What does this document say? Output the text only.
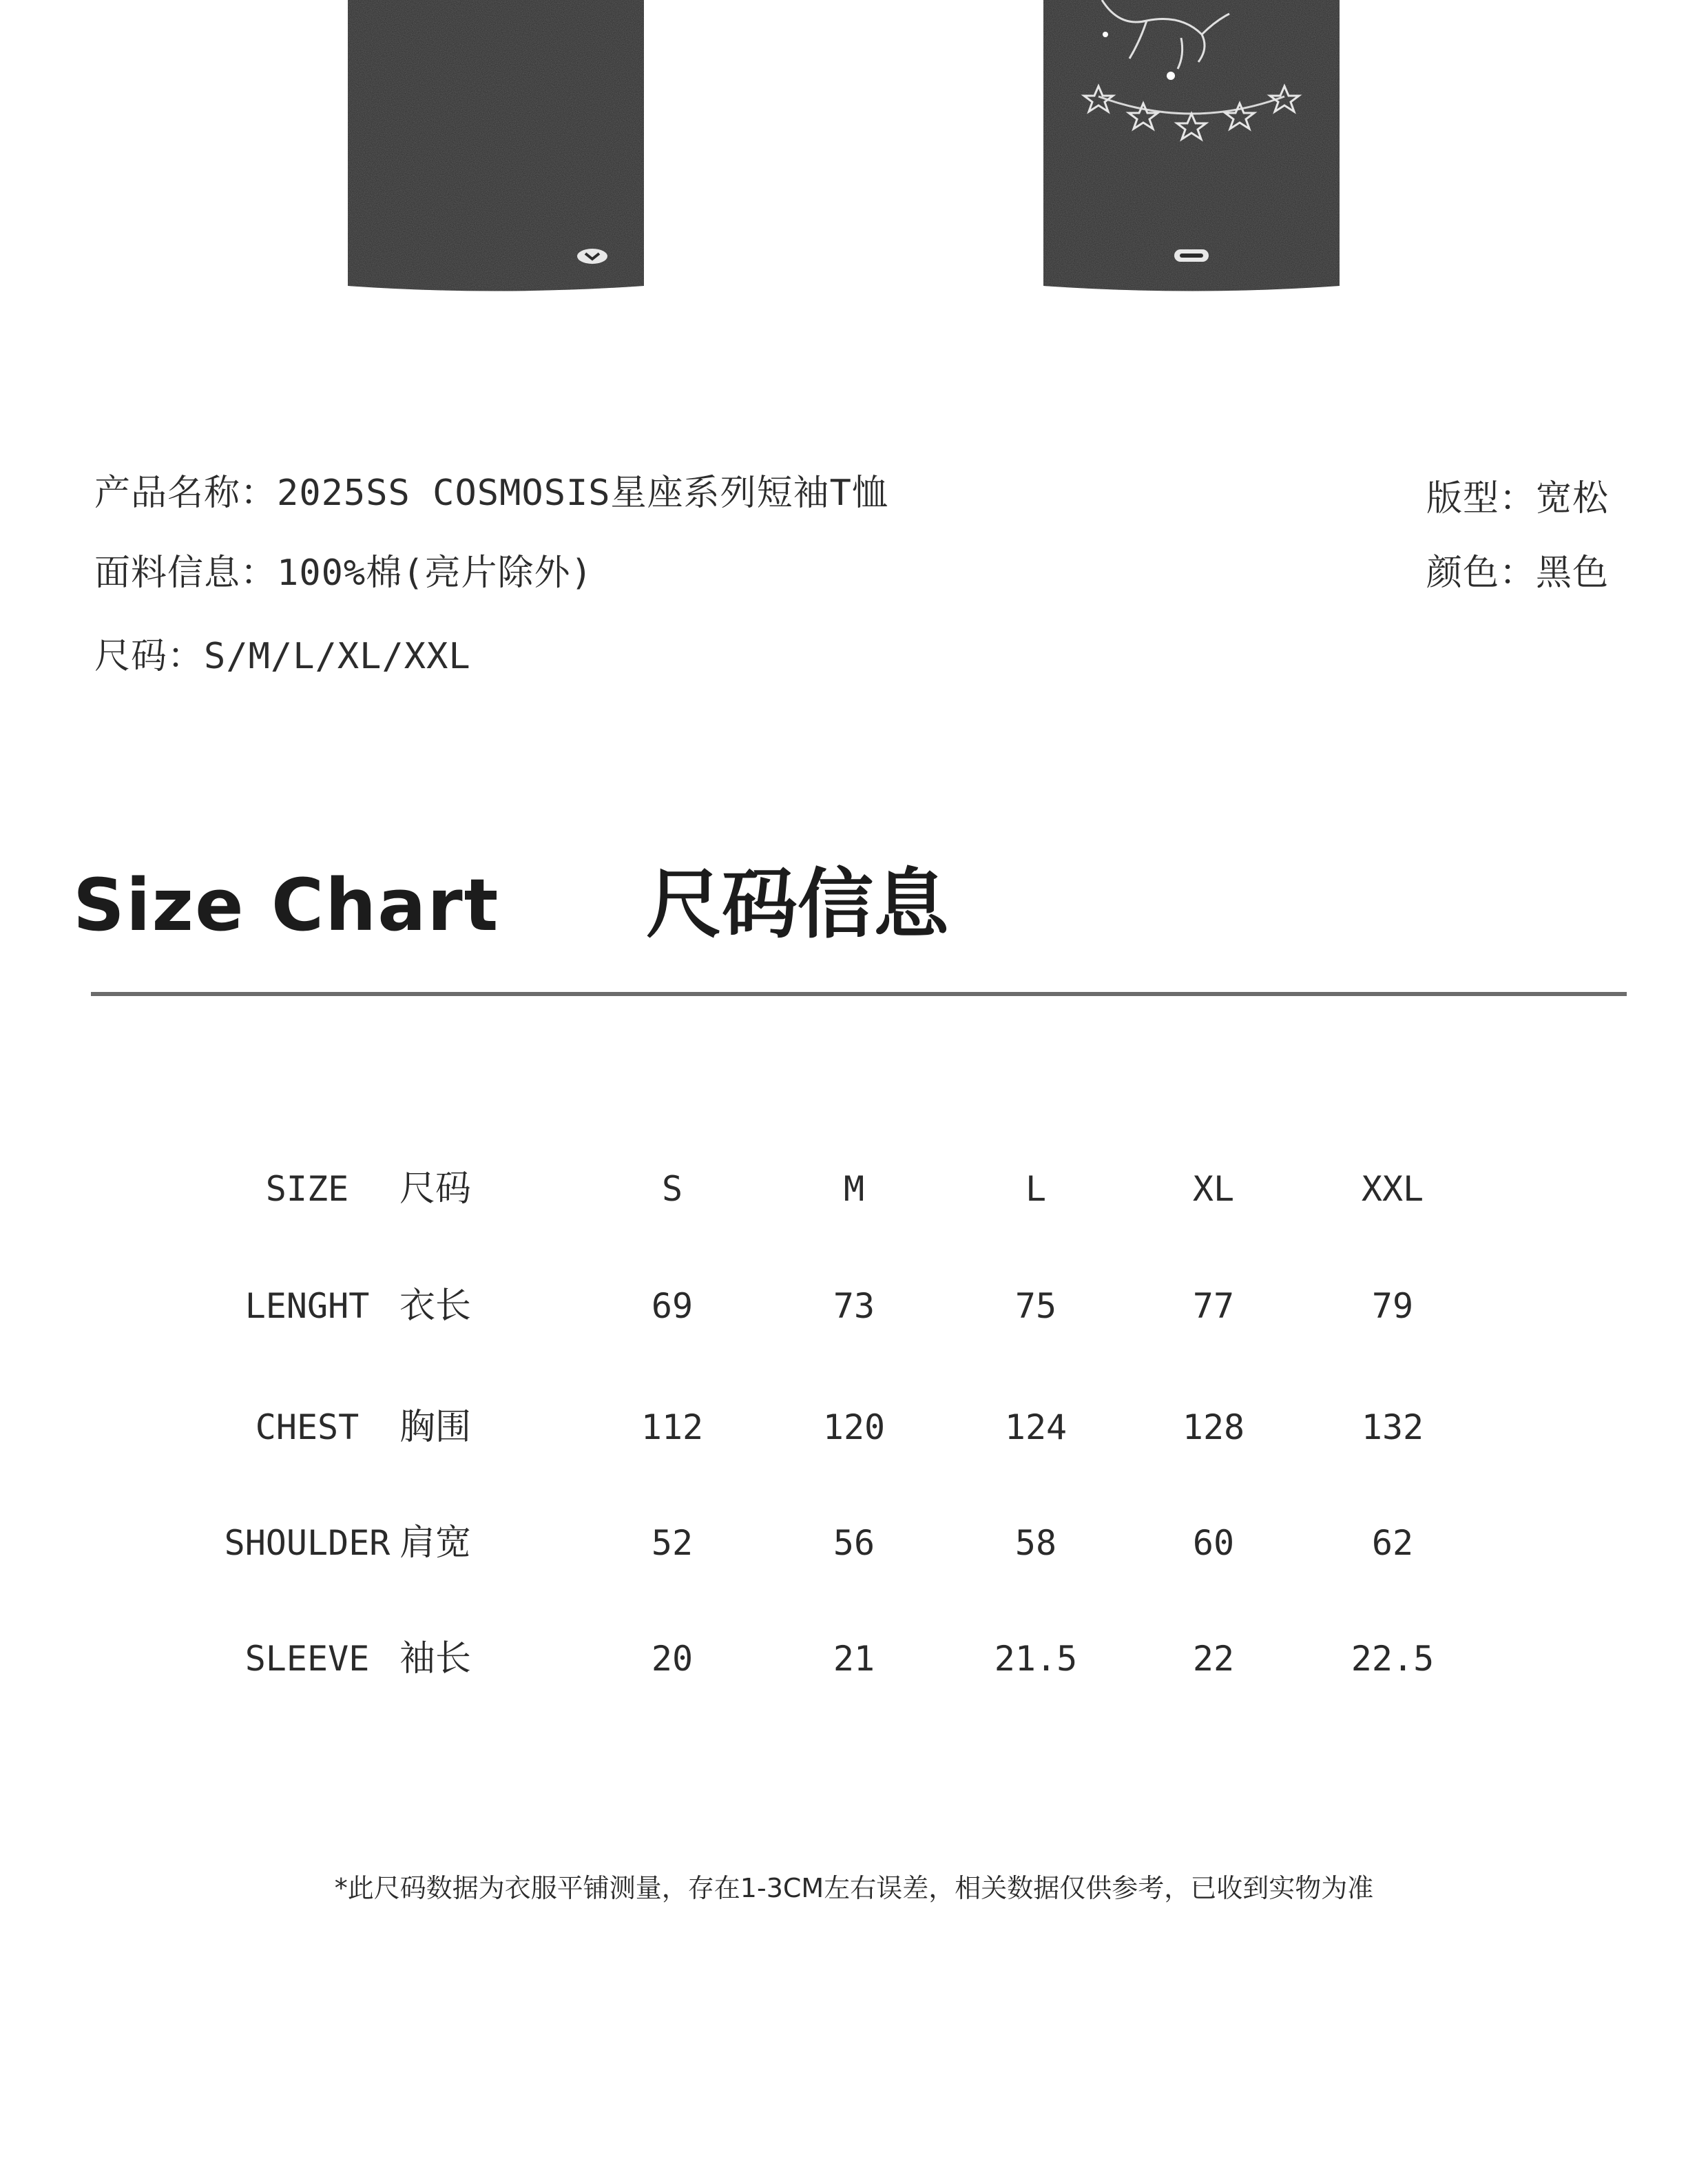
产品名称：2025SS COSMOSIS星座系列短袖T恤
面料信息：100%棉(亮片除外)
尺码：S/M/L/XL/XXL
版型：宽松
颜色：黑色
Size Chart 尺码信息
SIZE 尺码	S	M	L	XL	XXL
LENGHT 衣长	69	73	75	77	79
CHEST 胸围	112	120	124	128	132
SHOULDER 肩宽	52	56	58	60	62
SLEEVE 袖长	20	21	21.5	22	22.5
*此尺码数据为衣服平铺测量，存在1-3CM左右误差，相关数据仅供参考，已收到实物为准
